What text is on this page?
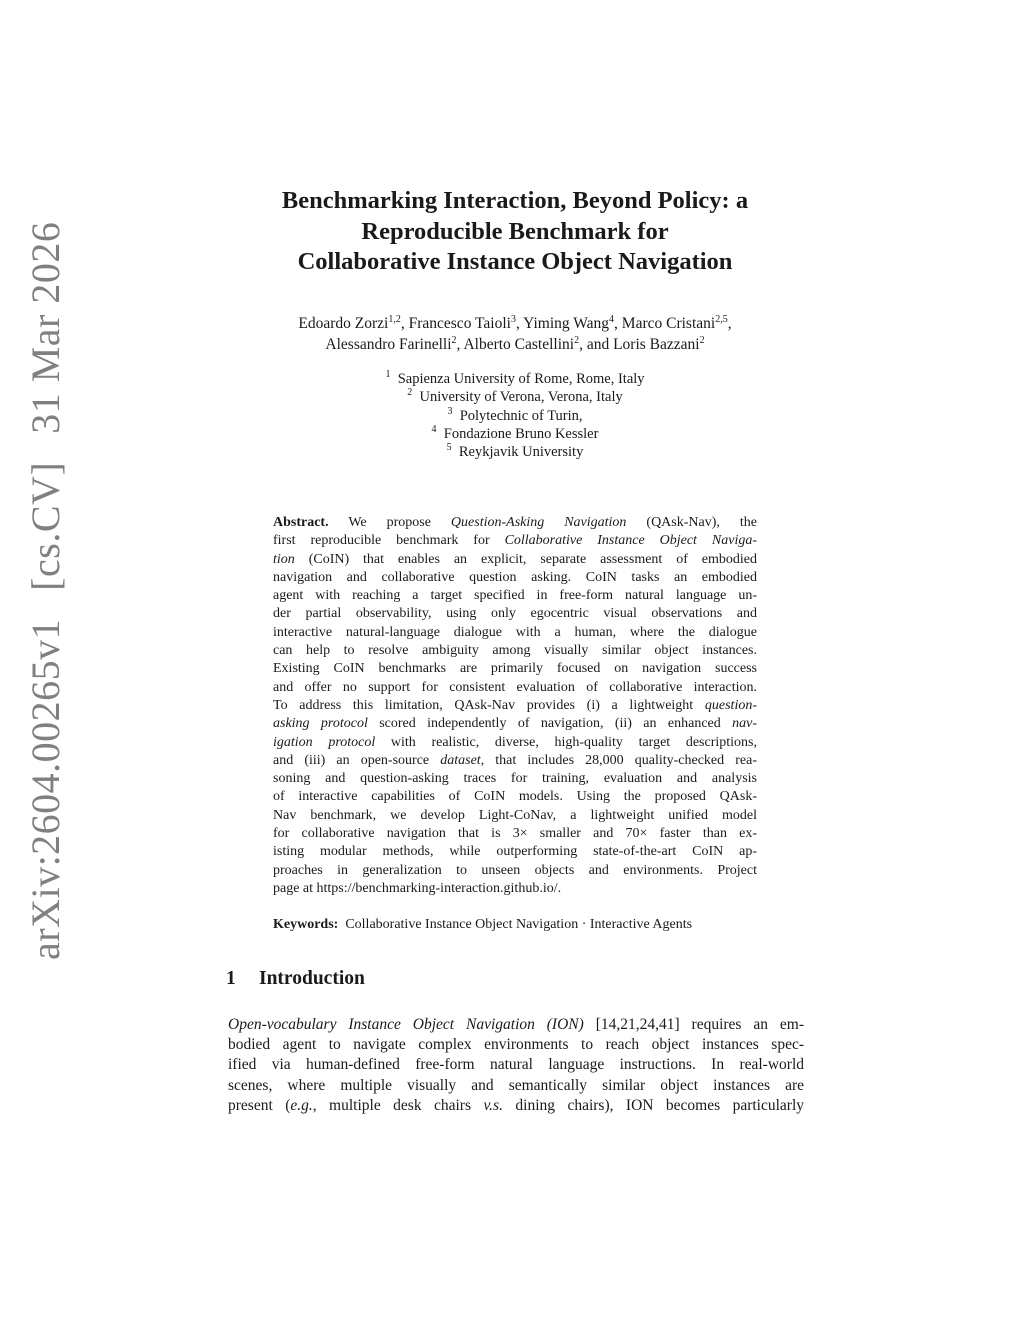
arXiv:2604.00265v1[cs.CV]31 Mar 2026
Benchmarking Interaction, Beyond Policy: a
Reproducible Benchmark for
Collaborative Instance Object Navigation
Edoardo Zorzi$^{1,2}$, Francesco Taioli$^3$, Yiming Wang$^4$, Marco Cristani$^{2,5}$,
Alessandro Farinelli$^2$, Alberto Castellini$^2$, and Loris Bazzani$^2$
$^1$ Sapienza University of Rome, Rome, Italy
$^2$ University of Verona, Verona, Italy
$^3$ Polytechnic of Turin,
$^4$ Fondazione Bruno Kessler
$^5$ Reykjavik University
Abstract. We propose Question-Asking Navigation (QAsk-Nav), the
first reproducible benchmark for Collaborative Instance Object Naviga-
tion (CoIN) that enables an explicit, separate assessment of embodied
navigation and collaborative question asking. CoIN tasks an embodied
agent with reaching a target specified in free-form natural language un-
der partial observability, using only egocentric visual observations and
interactive natural-language dialogue with a human, where the dialogue
can help to resolve ambiguity among visually similar object instances.
Existing CoIN benchmarks are primarily focused on navigation success
and offer no support for consistent evaluation of collaborative interaction.
To address this limitation, QAsk-Nav provides (i) a lightweight question-
asking protocol scored independently of navigation, (ii) an enhanced nav-
igation protocol with realistic, diverse, high-quality target descriptions,
and (iii) an open-source dataset, that includes 28,000 quality-checked rea-
soning and question-asking traces for training, evaluation and analysis
of interactive capabilities of CoIN models. Using the proposed QAsk-
Nav benchmark, we develop Light-CoNav, a lightweight unified model
for collaborative navigation that is 3× smaller and 70× faster than ex-
isting modular methods, while outperforming state-of-the-art CoIN ap-
proaches in generalization to unseen objects and environments. Project
page at https://benchmarking-interaction.github.io/.
Keywords: Collaborative Instance Object Navigation · Interactive Agents
1 Introduction
Open-vocabulary Instance Object Navigation (ION) [14,21,24,41] requires an em-
bodied agent to navigate complex environments to reach object instances spec-
ified via human-defined free-form natural language instructions. In real-world
scenes, where multiple visually and semantically similar object instances are
present (e.g., multiple desk chairs v.s. dining chairs), ION becomes particularly
